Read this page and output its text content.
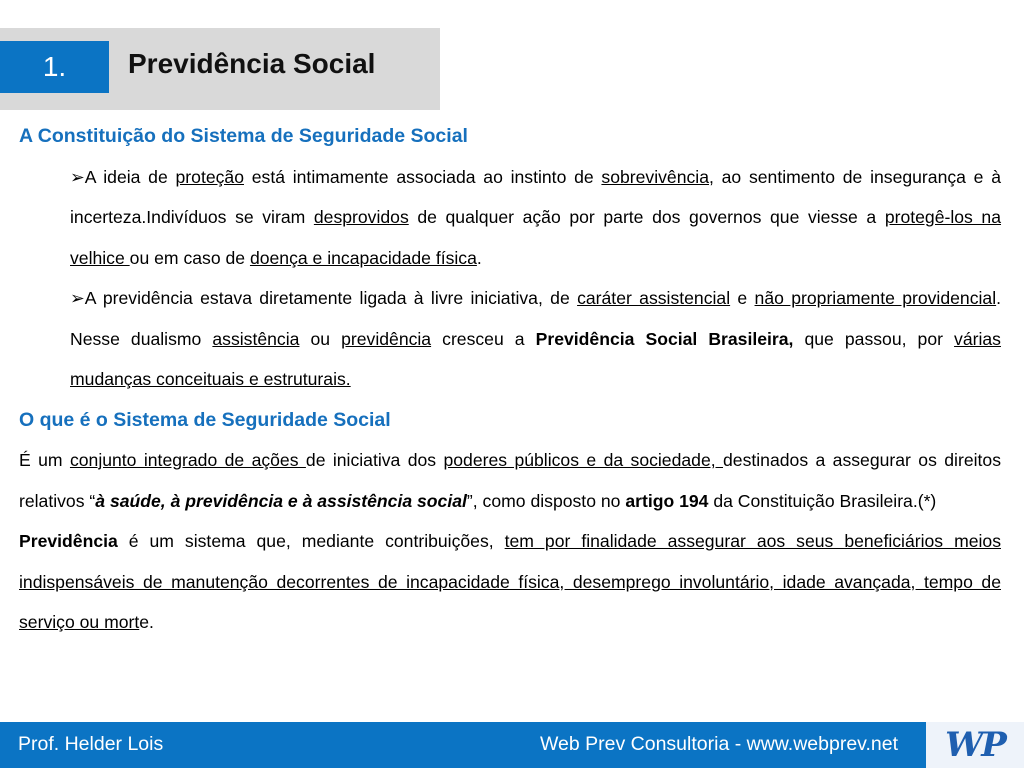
1.	Previdência Social

A Constituição do Sistema de Seguridade Social

➢A ideia de proteção está intimamente associada ao instinto de sobrevivência, ao sentimento de insegurança e à incerteza.Indivíduos se viram desprovidos de qualquer ação por parte dos governos que viesse a protegê-los na velhice ou em caso de doença e incapacidade física.

➢A previdência estava diretamente ligada à livre iniciativa, de caráter assistencial e não propriamente providencial. Nesse dualismo assistência ou previdência cresceu a Previdência Social Brasileira, que passou, por várias mudanças conceituais e estruturais.

O que é o Sistema de Seguridade Social

É um conjunto integrado de ações de iniciativa dos poderes públicos e da sociedade, destinados a assegurar os direitos relativos “à saúde, à previdência e à assistência social”, como disposto no artigo 194 da Constituição Brasileira.(*)

Previdência é um sistema que, mediante contribuições, tem por finalidade assegurar aos seus beneficiários meios indispensáveis de manutenção decorrentes de incapacidade física, desemprego involuntário, idade avançada, tempo de serviço ou morte.

Prof. Helder Lois	Web Prev Consultoria - www.webprev.net WP
